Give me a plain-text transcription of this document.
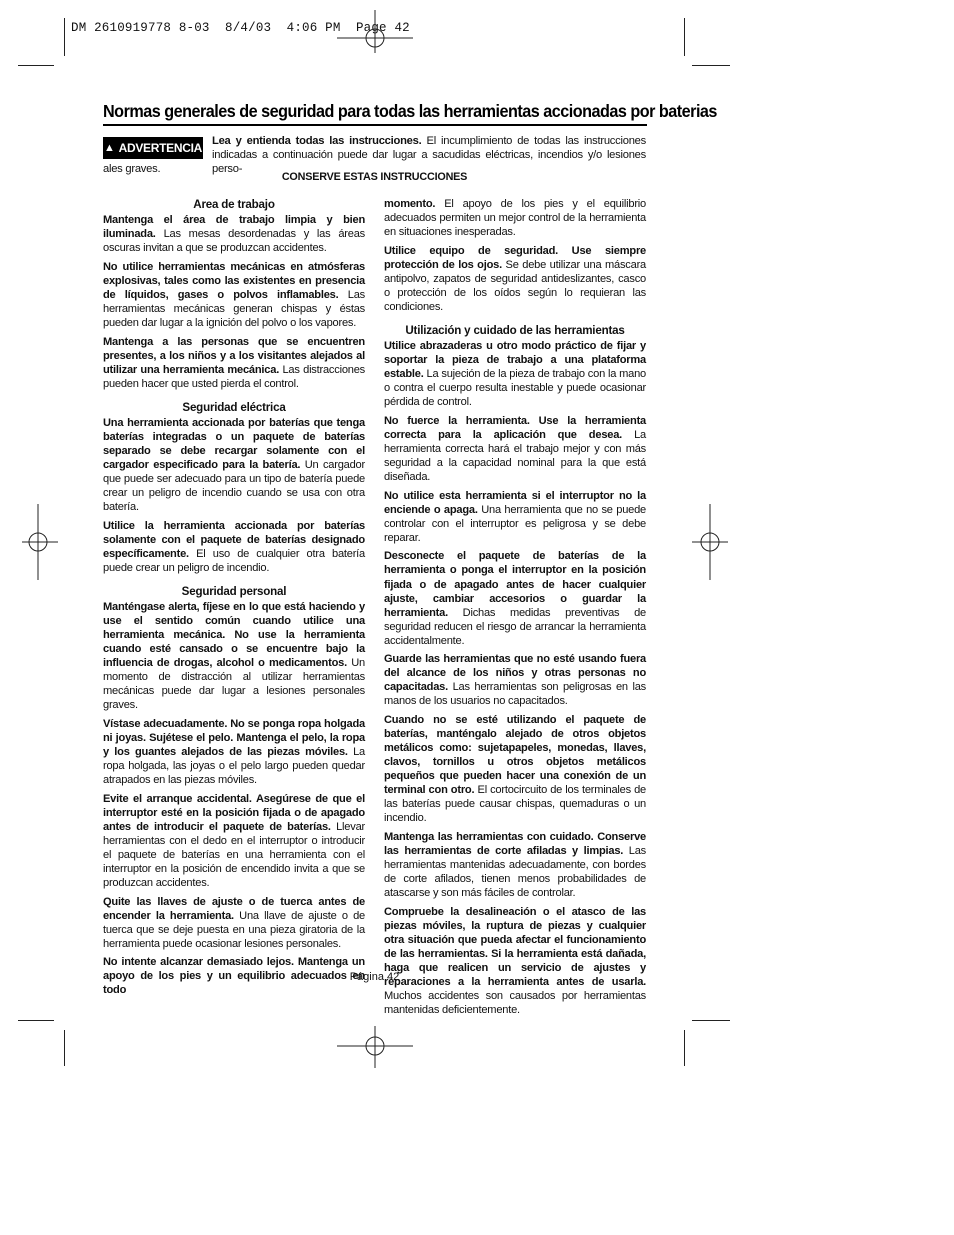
DM 2610919778 8-03  8/4/03  4:06 PM  Page 42
Normas generales de seguridad para todas las herramientas accionadas por baterias
▲ ADVERTENCIA Lea y entienda todas las instrucciones. El incumplimiento de todas las instrucciones indicadas a continuación puede dar lugar a sacudidas eléctricas, incendios y/o lesiones perso-
ales graves.
CONSERVE ESTAS INSTRUCCIONES
Area de trabajo

Mantenga el área de trabajo limpia y bien iluminada. Las mesas desordenadas y las áreas oscuras invitan a que se produzcan accidentes.

No utilice herramientas mecánicas en atmósferas explosivas, tales como las existentes en presencia de líquidos, gases o polvos inflamables. Las herramientas mecánicas generan chispas y éstas pueden dar lugar a la ignición del polvo o los vapores.

Mantenga a las personas que se encuentren presentes, a los niños y a los visitantes alejados al utilizar una herramienta mecánica. Las distracciones pueden hacer que usted pierda el control.

Seguridad eléctrica

Una herramienta accionada por baterías que tenga baterías integradas o un paquete de baterías separado se debe recargar solamente con el cargador especificado para la batería. Un cargador que puede ser adecuado para un tipo de batería puede crear un peligro de incendio cuando se usa con otra batería.

Utilice la herramienta accionada por baterías solamente con el paquete de baterías designado específicamente. El uso de cualquier otra batería puede crear un peligro de incendio.

Seguridad personal

Manténgase alerta, fíjese en lo que está haciendo y use el sentido común cuando utilice una herramienta mecánica. No use la herramienta cuando esté cansado o se encuentre bajo la influencia de drogas, alcohol o medicamentos. Un momento de distracción al utilizar herramientas mecánicas puede dar lugar a lesiones personales graves.

Vístase adecuadamente. No se ponga ropa holgada ni joyas. Sujétese el pelo. Mantenga el pelo, la ropa y los guantes alejados de las piezas móviles. La ropa holgada, las joyas o el pelo largo pueden quedar atrapados en las piezas móviles.

Evite el arranque accidental. Asegúrese de que el interruptor esté en la posición fijada o de apagado antes de introducir el paquete de baterías. Llevar herramientas con el dedo en el interruptor o introducir el paquete de baterías en una herramienta con el interruptor en la posición de encendido invita a que se produzcan accidentes.

Quite las llaves de ajuste o de tuerca antes de encender la herramienta. Una llave de ajuste o de tuerca que se deje puesta en una pieza giratoria de la herramienta puede ocasionar lesiones personales.

No intente alcanzar demasiado lejos. Mantenga un apoyo de los pies y un equilibrio adecuados en todo

momento. El apoyo de los pies y el equilibrio adecuados permiten un mejor control de la herramienta en situaciones inesperadas.

Utilice equipo de seguridad. Use siempre protección de los ojos. Se debe utilizar una máscara antipolvo, zapatos de seguridad antideslizantes, casco o protección de los oídos según lo requieran las condiciones.

Utilización y cuidado de las herramientas

Utilice abrazaderas u otro modo práctico de fijar y soportar la pieza de trabajo a una plataforma estable. La sujeción de la pieza de trabajo con la mano o contra el cuerpo resulta inestable y puede ocasionar pérdida de control.

No fuerce la herramienta. Use la herramienta correcta para la aplicación que desea. La herramienta correcta hará el trabajo mejor y con más seguridad a la capacidad nominal para la que está diseñada.

No utilice esta herramienta si el interruptor no la enciende o apaga. Una herramienta que no se puede controlar con el interruptor es peligrosa y se debe reparar.

Desconecte el paquete de baterías de la herramienta o ponga el interruptor en la posición fijada o de apagado antes de hacer cualquier ajuste, cambiar accesorios o guardar la herramienta. Dichas medidas preventivas de seguridad reducen el riesgo de arrancar la herramienta accidentalmente.

Guarde las herramientas que no esté usando fuera del alcance de los niños y otras personas no capacitadas. Las herramientas son peligrosas en las manos de los usuarios no capacitados.

Cuando no se esté utilizando el paquete de baterías, manténgalo alejado de otros objetos metálicos como: sujetapapeles, monedas, llaves, clavos, tornillos u otros objetos metálicos pequeños que pueden hacer una conexión de un terminal con otro. El cortocircuito de los terminales de las baterías puede causar chispas, quemaduras o un incendio.

Mantenga las herramientas con cuidado. Conserve las herramientas de corte afiladas y limpias. Las herramientas mantenidas adecuadamente, con bordes de corte afilados, tienen menos probabilidades de atascarse y son más fáciles de controlar.

Compruebe la desalineación o el atasco de las piezas móviles, la ruptura de piezas y cualquier otra situación que pueda afectar el funcionamiento de las herramientas. Si la herramienta está dañada, haga que realicen un servicio de ajustes y reparaciones a la herramienta antes de usarla. Muchos accidentes son causados por herramientas mantenidas deficientemente.

Página 42
